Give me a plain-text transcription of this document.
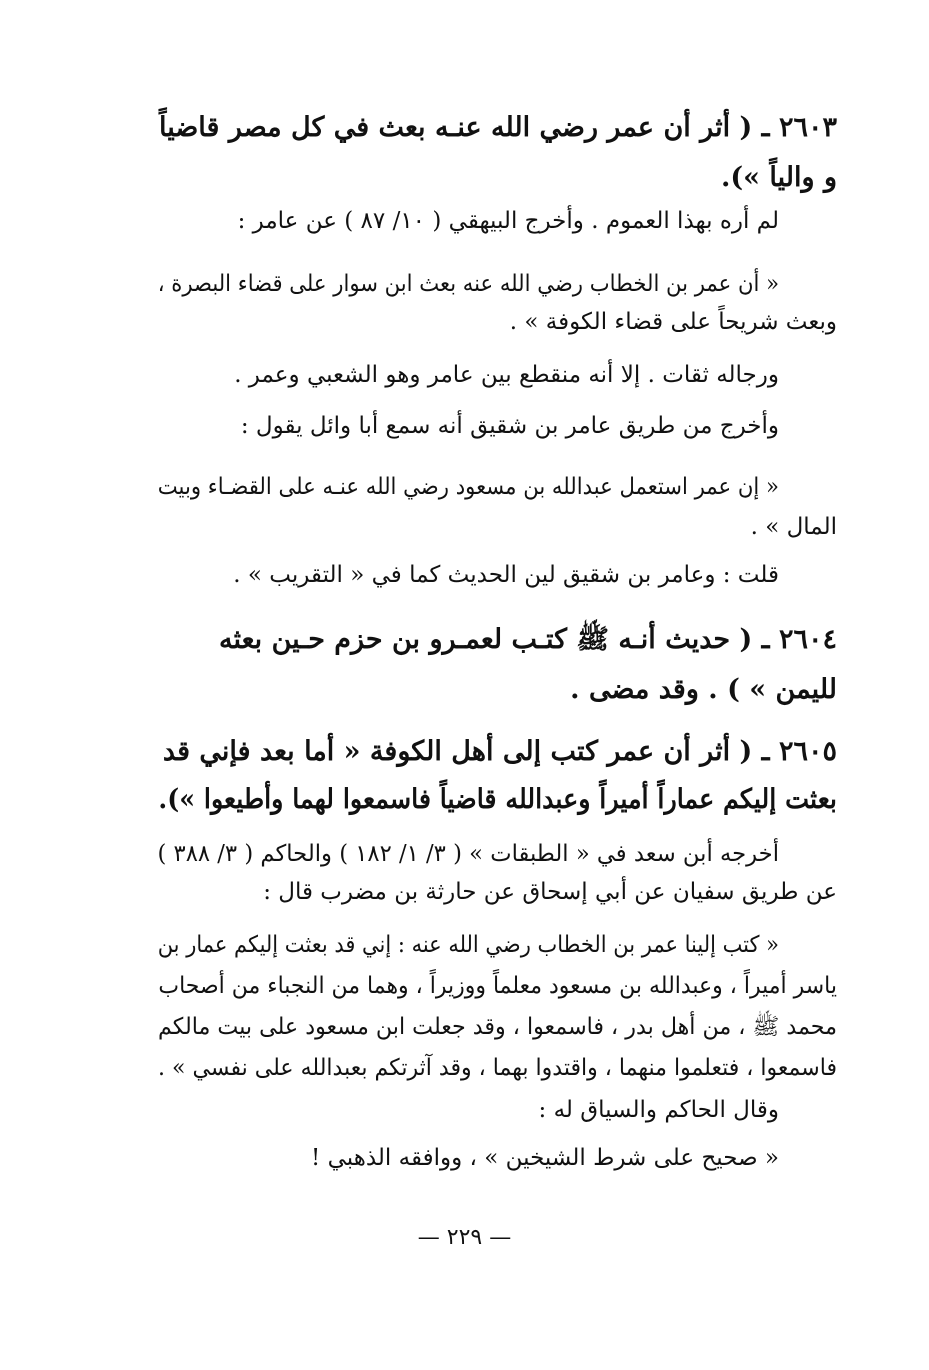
٢٦٠٣ ـ ( أثر أن عمر رضي الله عنـه بعث في كل مصر قاضياً
و والياً »).
لم أره بهذا العموم . وأخرج البيهقي ( ١٠/ ٨٧ ) عن عامر :
« أن عمر بن الخطاب رضي الله عنه بعث ابن سوار على قضاء البصرة ،
وبعث شريحاً على قضاء الكوفة » .
ورجاله ثقات . إلا أنه منقطع بين عامر وهو الشعبي وعمر .
وأخرج من طريق عامر بن شقيق أنه سمع أبا وائل يقول :
« إن عمر استعمل عبدالله بن مسعود رضي الله عنـه على القضـاء وبيت
المال » .
قلت : وعامر بن شقيق لين الحديث كما في « التقريب » .
٢٦٠٤ ـ ( حديث أنـه ﷺ كتـب لعمـرو بن حزم حـين بعثه
لليمن » ) . وقد مضى .
٢٦٠٥ ـ ( أثر أن عمر كتب إلى أهل الكوفة « أما بعد فإني قد
بعثت إليكم عماراً أميراً وعبدالله قاضياً فاسمعوا لهما وأطيعوا »).
أخرجه أبن سعد في « الطبقات » ( ٣/ ١/ ١٨٢ ) والحاكم ( ٣/ ٣٨٨ )
عن طريق سفيان عن أبي إسحاق عن حارثة بن مضرب قال :
« كتب إلينا عمر بن الخطاب رضي الله عنه : إني قد بعثت إليكم عمار بن
ياسر أميراً ، وعبدالله بن مسعود معلماً ووزيراً ، وهما من النجباء من أصحاب
محمد ﷺ ، من أهل بدر ، فاسمعوا ، وقد جعلت ابن مسعود على بيت مالكم
فاسمعوا ، فتعلموا منهما ، واقتدوا بهما ، وقد آثرتكم بعبدالله على نفسي » .
وقال الحاكم والسياق له :
« صحيح على شرط الشيخين » ، ووافقه الذهبي !
— ٢٢٩ —
